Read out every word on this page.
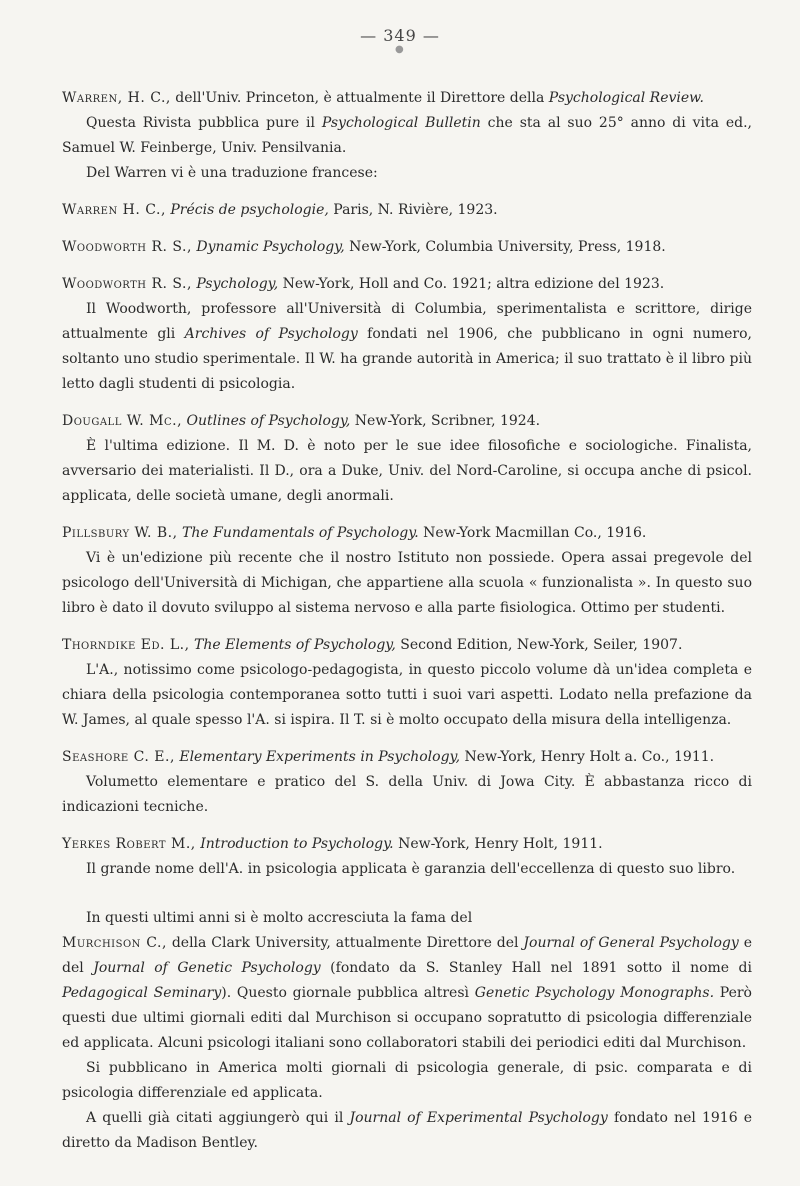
— 349 —
●

Warren, H. C., dell'Univ. Princeton, è attualmente il Direttore della Psychological Review.

Questa Rivista pubblica pure il Psychological Bulletin che sta al suo 25° anno di vita ed., Samuel W. Feinberge, Univ. Pensilvania.

Del Warren vi è una traduzione francese:

Warren H. C., Précis de psychologie, Paris, N. Rivière, 1923.

Woodworth R. S., Dynamic Psychology, New-York, Columbia University, Press, 1918.

Woodworth R. S., Psychology, New-York, Holl and Co. 1921; altra edizione del 1923.

Il Woodworth, professore all'Università di Columbia, sperimentalista e scrittore, dirige attualmente gli Archives of Psychology fondati nel 1906, che pubblicano in ogni numero, soltanto uno studio sperimentale. Il W. ha grande autorità in America; il suo trattato è il libro più letto dagli studenti di psicologia.

Dougall W. Mc., Outlines of Psychology, New-York, Scribner, 1924.

È l'ultima edizione. Il M. D. è noto per le sue idee filosofiche e sociologiche. Finalista, avversario dei materialisti. Il D., ora a Duke, Univ. del Nord-Caroline, si occupa anche di psicol. applicata, delle società umane, degli anormali.

Pillsbury W. B., The Fundamentals of Psychology. New-York Macmillan Co., 1916.

Vi è un'edizione più recente che il nostro Istituto non possiede. Opera assai pregevole del psicologo dell'Università di Michigan, che appartiene alla scuola « funzionalista ». In questo suo libro è dato il dovuto sviluppo al sistema nervoso e alla parte fisiologica. Ottimo per studenti.

Thorndike Ed. L., The Elements of Psychology, Second Edition, New-York, Seiler, 1907.

L'A., notissimo come psicologo-pedagogista, in questo piccolo volume dà un'idea completa e chiara della psicologia contemporanea sotto tutti i suoi vari aspetti. Lodato nella prefazione da W. James, al quale spesso l'A. si ispira. Il T. si è molto occupato della misura della intelligenza.

Seashore C. E., Elementary Experiments in Psychology, New-York, Henry Holt a. Co., 1911.

Volumetto elementare e pratico del S. della Univ. di Jowa City. È abbastanza ricco di indicazioni tecniche.

Yerkes Robert M., Introduction to Psychology. New-York, Henry Holt, 1911.

Il grande nome dell'A. in psicologia applicata è garanzia dell'eccellenza di questo suo libro.

In questi ultimi anni si è molto accresciuta la fama del
Murchison C., della Clark University, attualmente Direttore del Journal of General Psychology e del Journal of Genetic Psychology (fondato da S. Stanley Hall nel 1891 sotto il nome di Pedagogical Seminary). Questo giornale pubblica altresì Genetic Psychology Monographs. Però questi due ultimi giornali editi dal Murchison si occupano sopratutto di psicologia differenziale ed applicata. Alcuni psicologi italiani sono collaboratori stabili dei periodici editi dal Murchison.

Si pubblicano in America molti giornali di psicologia generale, di psic. comparata e di psicologia differenziale ed applicata.

A quelli già citati aggiungerò qui il Journal of Experimental Psychology fondato nel 1916 e diretto da Madison Bentley.
